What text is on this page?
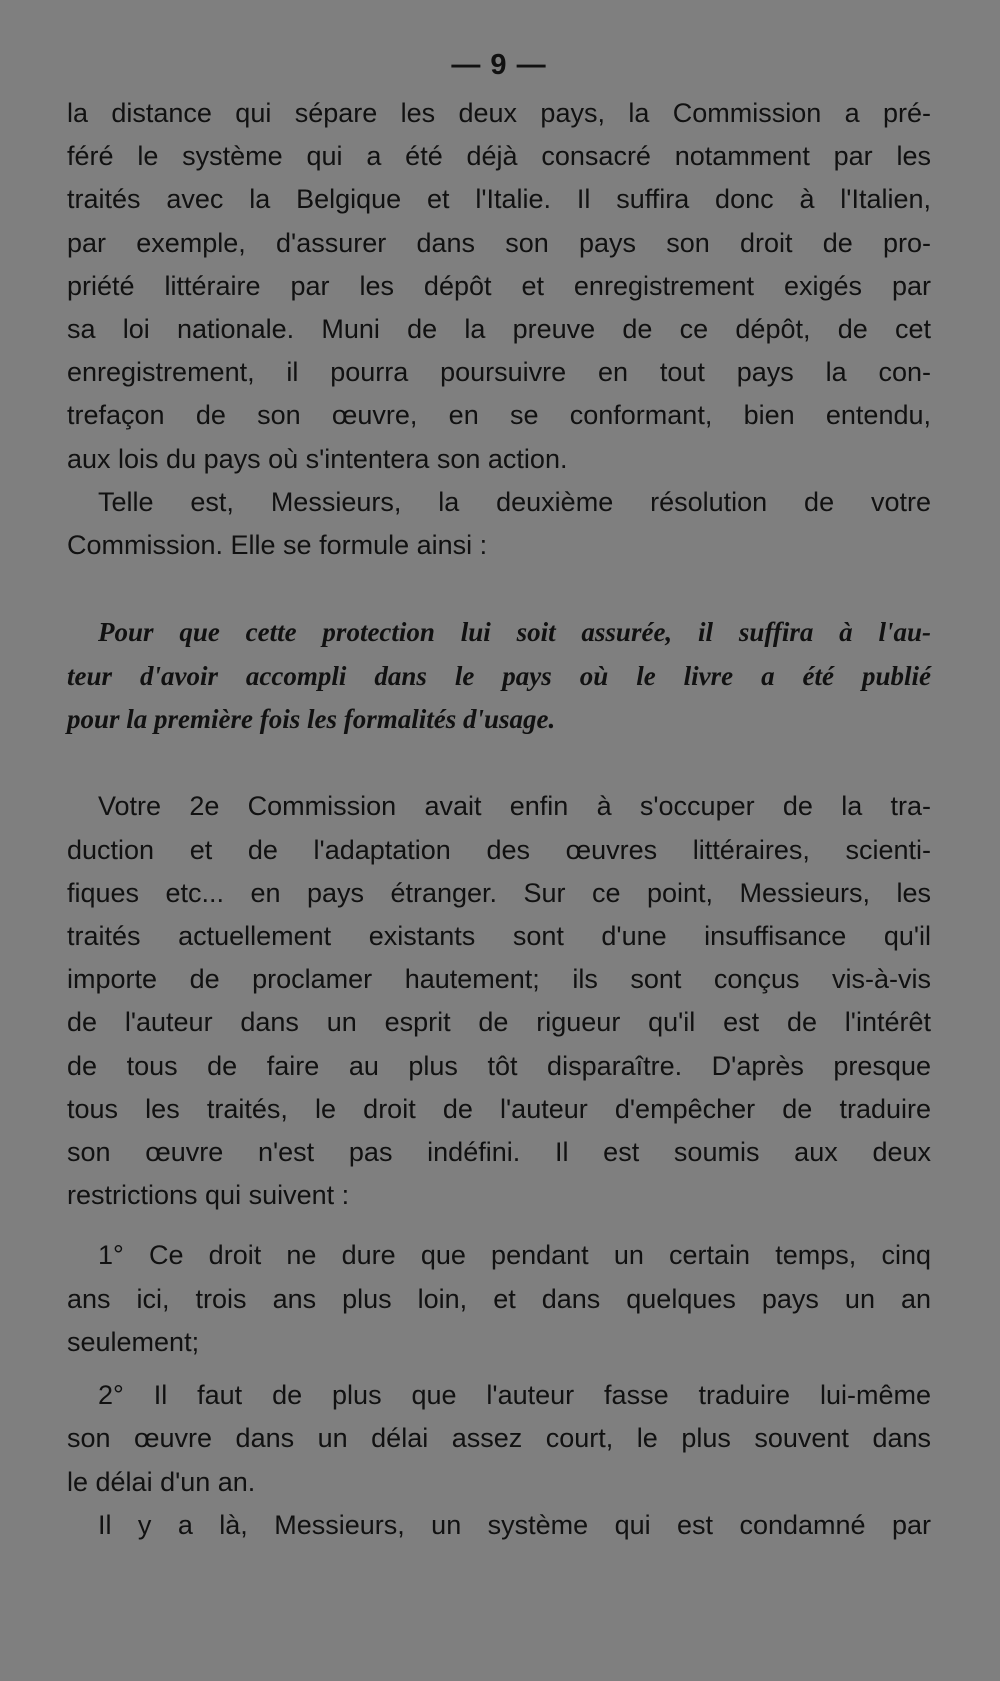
— 9 —
la distance qui sépare les deux pays, la Commission a pré-
féré le système qui a été déjà consacré notamment par les
traités avec la Belgique et l'Italie. Il suffira donc à l'Italien,
par exemple, d'assurer dans son pays son droit de pro-
priété littéraire par les dépôt et enregistrement exigés par
sa loi nationale. Muni de la preuve de ce dépôt, de cet
enregistrement, il pourra poursuivre en tout pays la con-
trefaçon de son œuvre, en se conformant, bien entendu,
aux lois du pays où s'intentera son action.
Telle est, Messieurs, la deuxième résolution de votre
Commission. Elle se formule ainsi :
Pour que cette protection lui soit assurée, il suffira à l'au-
teur d'avoir accompli dans le pays où le livre a été publié
pour la première fois les formalités d'usage.
Votre 2e Commission avait enfin à s'occuper de la tra-
duction et de l'adaptation des œuvres littéraires, scienti-
fiques etc... en pays étranger. Sur ce point, Messieurs, les
traités actuellement existants sont d'une insuffisance qu'il
importe de proclamer hautement; ils sont conçus vis-à-vis
de l'auteur dans un esprit de rigueur qu'il est de l'intérêt
de tous de faire au plus tôt disparaître. D'après presque
tous les traités, le droit de l'auteur d'empêcher de traduire
son œuvre n'est pas indéfini. Il est soumis aux deux
restrictions qui suivent :
1° Ce droit ne dure que pendant un certain temps, cinq
ans ici, trois ans plus loin, et dans quelques pays un an
seulement;
2° Il faut de plus que l'auteur fasse traduire lui-même
son œuvre dans un délai assez court, le plus souvent dans
le délai d'un an.
Il y a là, Messieurs, un système qui est condamné par
